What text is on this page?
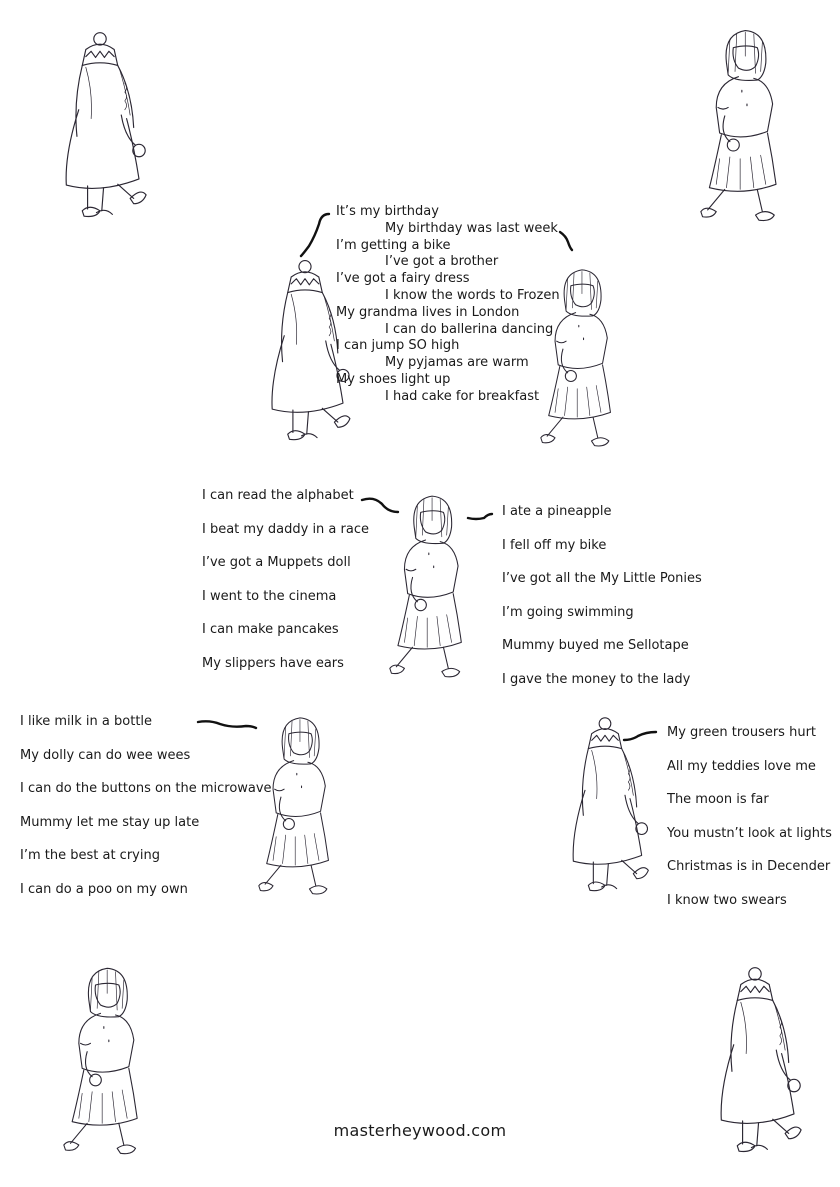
It’s my birthday
My birthday was last week
I’m getting a bike
I’ve got a brother
I’ve got a fairy dress
I know the words to Frozen
My grandma lives in London
I can do ballerina dancing
I can jump SO high
My pyjamas are warm
My shoes light up
I had cake for breakfast
I can read the alphabet
I beat my daddy in a race
I’ve got a Muppets doll
I went to the cinema
I can make pancakes
My slippers have ears
I ate a pineapple
I fell off my bike
I’ve got all the My Little Ponies
I’m going swimming
Mummy buyed me Sellotape
I gave the money to the lady
I like milk in a bottle
My dolly can do wee wees
I can do the buttons on the microwave
Mummy let me stay up late
I’m the best at crying
I can do a poo on my own
My green trousers hurt
All my teddies love me
The moon is far
You mustn’t look at lights
Christmas is in Decender
I know two swears
masterheywood.com
